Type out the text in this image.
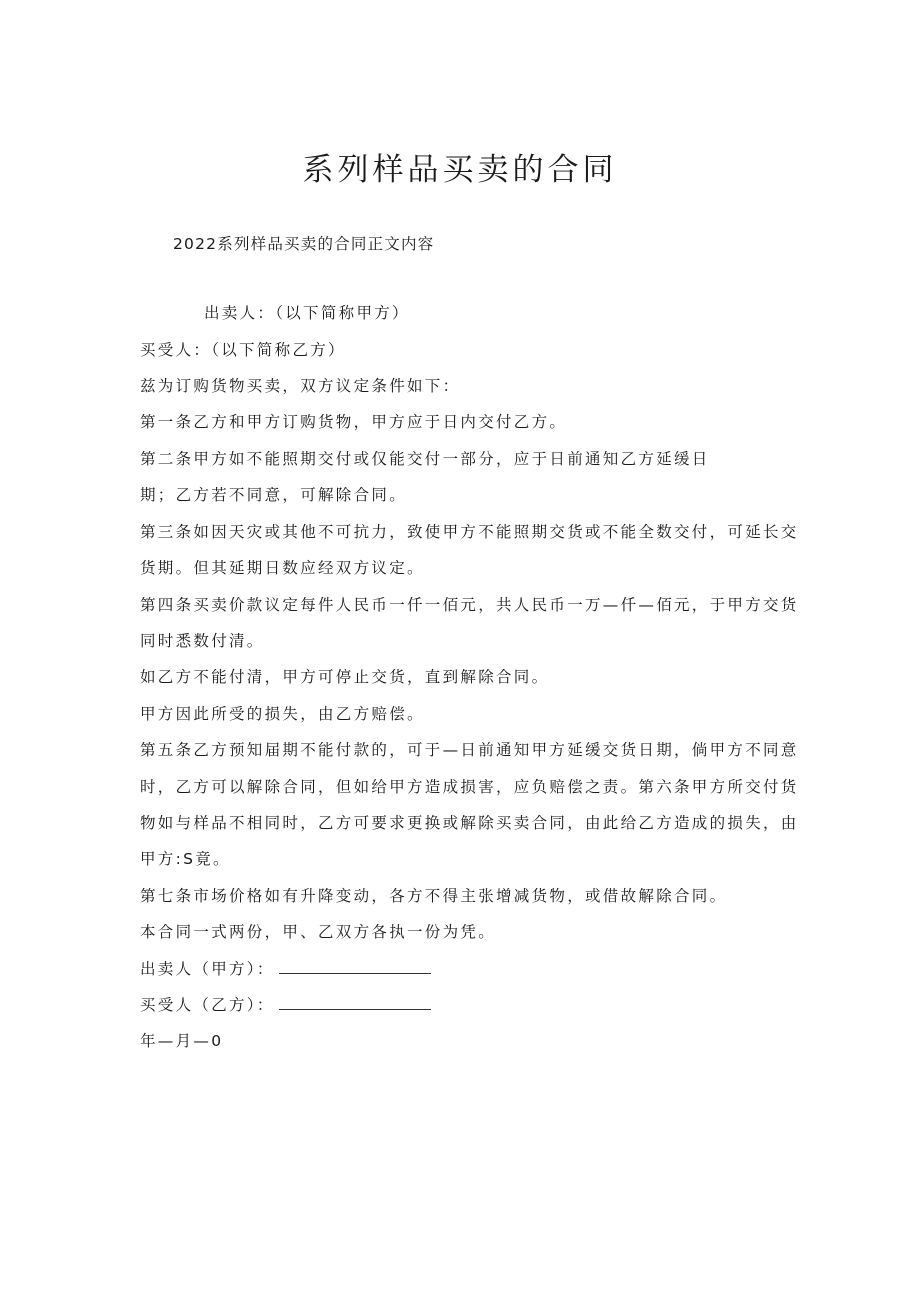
系列样品买卖的合同
2022系列样品买卖的合同正文内容
出卖人：（以下简称甲方）
买受人：（以下简称乙方）
兹为订购货物买卖，双方议定条件如下：
第一条乙方和甲方订购货物，甲方应于日内交付乙方。
第二条甲方如不能照期交付或仅能交付一部分，应于日前通知乙方延缓日
期；乙方若不同意，可解除合同。
第三条如因天灾或其他不可抗力，致使甲方不能照期交货或不能全数交付，可延长交
货期。但其延期日数应经双方议定。
第四条买卖价款议定每件人民币一仟一佰元，共人民币一万—仟—佰元，于甲方交货
同时悉数付清。
如乙方不能付清，甲方可停止交货，直到解除合同。
甲方因此所受的损失，由乙方赔偿。
第五条乙方预知届期不能付款的，可于—日前通知甲方延缓交货日期，倘甲方不同意
时，乙方可以解除合同，但如给甲方造成损害，应负赔偿之责。第六条甲方所交付货
物如与样品不相同时，乙方可要求更换或解除买卖合同，由此给乙方造成的损失，由
甲方:S竟。
第七条市场价格如有升降变动，各方不得主张增减货物，或借故解除合同。
本合同一式两份，甲、乙双方各执一份为凭。
出卖人（甲方）：
买受人（乙方）：
年—月—0
